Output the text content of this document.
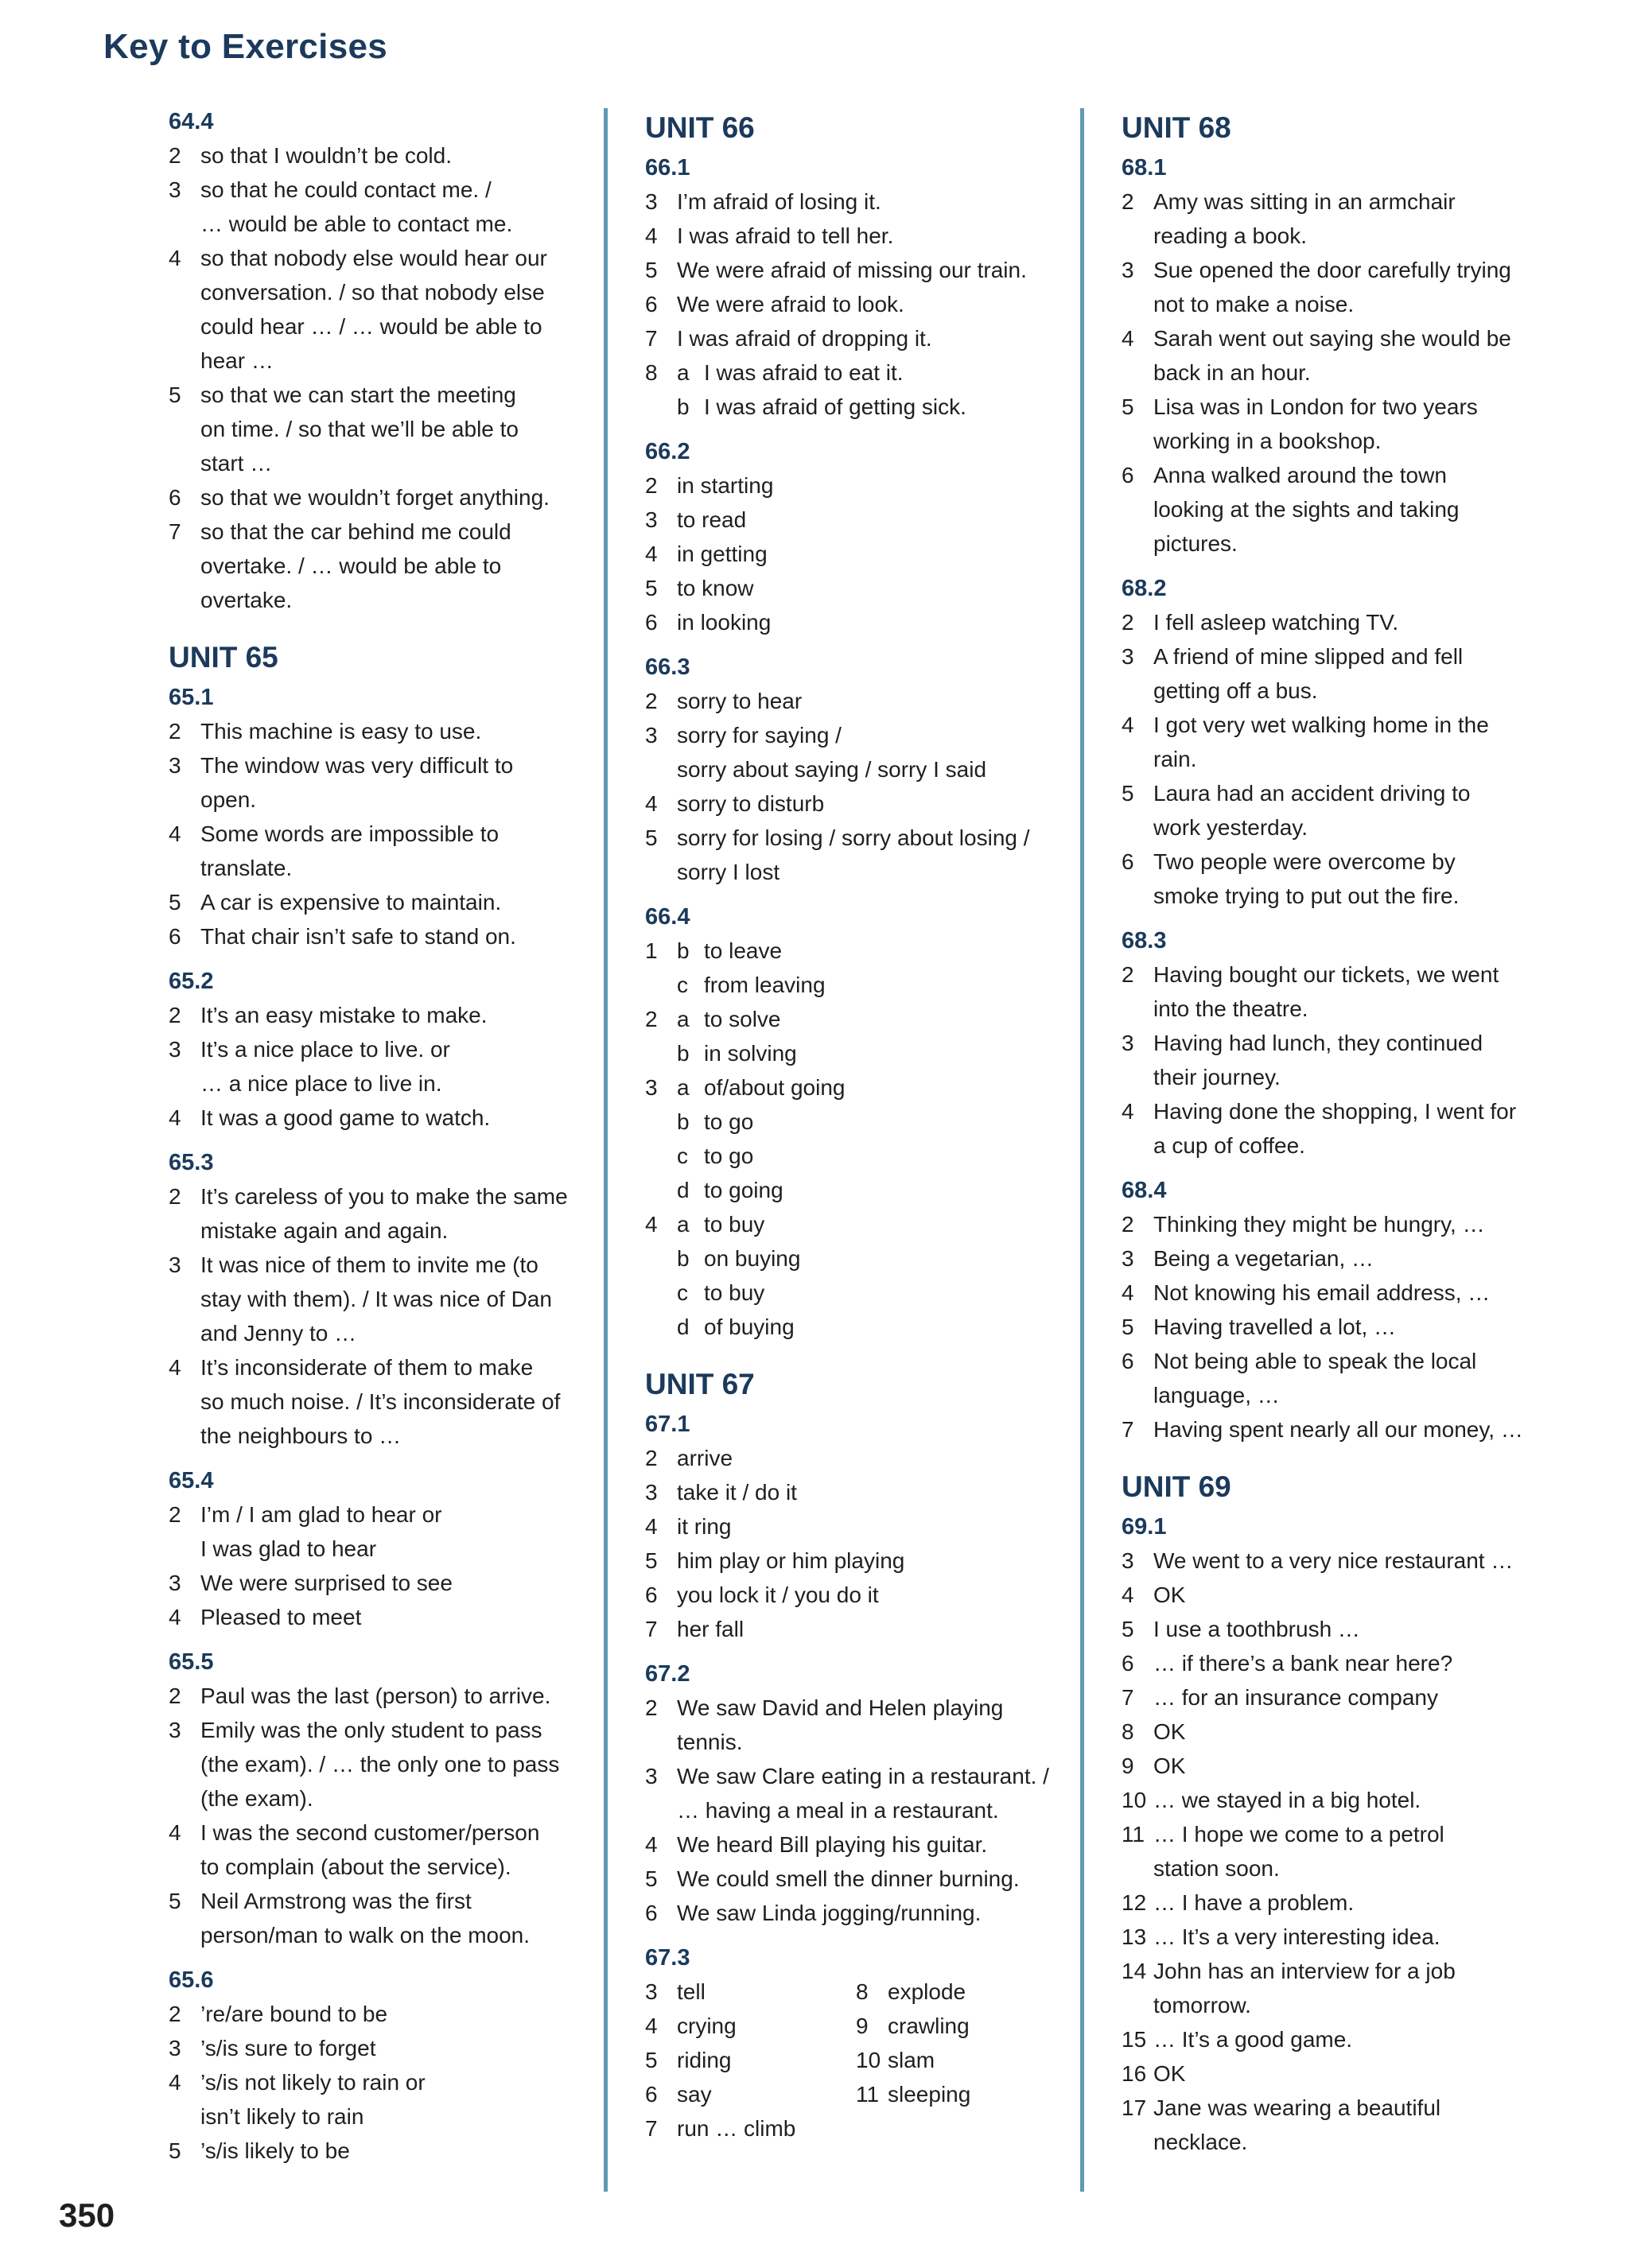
Key to Exercises
64.4
2 so that I wouldn’t be cold.
3 so that he could contact me. /
… would be able to contact me.
4 so that nobody else would hear our
conversation. / so that nobody else
could hear … / … would be able to
hear …
5 so that we can start the meeting
on time. / so that we’ll be able to
start …
6 so that we wouldn’t forget anything.
7 so that the car behind me could
overtake. / … would be able to
overtake.
UNIT 65
65.1
2 This machine is easy to use.
3 The window was very difficult to
open.
4 Some words are impossible to
translate.
5 A car is expensive to maintain.
6 That chair isn’t safe to stand on.
65.2
2 It’s an easy mistake to make.
3 It’s a nice place to live. or
… a nice place to live in.
4 It was a good game to watch.
65.3
2 It’s careless of you to make the same
mistake again and again.
3 It was nice of them to invite me (to
stay with them). / It was nice of Dan
and Jenny to …
4 It’s inconsiderate of them to make
so much noise. / It’s inconsiderate of
the neighbours to …
65.4
2 I’m / I am glad to hear or
I was glad to hear
3 We were surprised to see
4 Pleased to meet
65.5
2 Paul was the last (person) to arrive.
3 Emily was the only student to pass
(the exam). / … the only one to pass
(the exam).
4 I was the second customer/person
to complain (about the service).
5 Neil Armstrong was the first
person/man to walk on the moon.
65.6
2 ’re/are bound to be
3 ’s/is sure to forget
4 ’s/is not likely to rain or
isn’t likely to rain
5 ’s/is likely to be
UNIT 66
66.1
3 I’m afraid of losing it.
4 I was afraid to tell her.
5 We were afraid of missing our train.
6 We were afraid to look.
7 I was afraid of dropping it.
8 a I was afraid to eat it.
b I was afraid of getting sick.
66.2
2 in starting
3 to read
4 in getting
5 to know
6 in looking
66.3
2 sorry to hear
3 sorry for saying /
sorry about saying / sorry I said
4 sorry to disturb
5 sorry for losing / sorry about losing /
sorry I lost
66.4
1 b to leave
c from leaving
2 a to solve
b in solving
3 a of/about going
b to go
c to go
d to going
4 a to buy
b on buying
c to buy
d of buying
UNIT 67
67.1
2 arrive
3 take it / do it
4 it ring
5 him play or him playing
6 you lock it / you do it
7 her fall
67.2
2 We saw David and Helen playing
tennis.
3 We saw Clare eating in a restaurant. /
… having a meal in a restaurant.
4 We heard Bill playing his guitar.
5 We could smell the dinner burning.
6 We saw Linda jogging/running.
67.3
3 tell
4 crying
5 riding
6 say
7 run … climb
8 explode
9 crawling
10 slam
11 sleeping
UNIT 68
68.1
2 Amy was sitting in an armchair
reading a book.
3 Sue opened the door carefully trying
not to make a noise.
4 Sarah went out saying she would be
back in an hour.
5 Lisa was in London for two years
working in a bookshop.
6 Anna walked around the town
looking at the sights and taking
pictures.
68.2
2 I fell asleep watching TV.
3 A friend of mine slipped and fell
getting off a bus.
4 I got very wet walking home in the
rain.
5 Laura had an accident driving to
work yesterday.
6 Two people were overcome by
smoke trying to put out the fire.
68.3
2 Having bought our tickets, we went
into the theatre.
3 Having had lunch, they continued
their journey.
4 Having done the shopping, I went for
a cup of coffee.
68.4
2 Thinking they might be hungry, …
3 Being a vegetarian, …
4 Not knowing his email address, …
5 Having travelled a lot, …
6 Not being able to speak the local
language, …
7 Having spent nearly all our money, …
UNIT 69
69.1
3 We went to a very nice restaurant …
4 OK
5 I use a toothbrush …
6 … if there’s a bank near here?
7 … for an insurance company
8 OK
9 OK
10 … we stayed in a big hotel.
11 … I hope we come to a petrol
station soon.
12 … I have a problem.
13 … It’s a very interesting idea.
14 John has an interview for a job
tomorrow.
15 … It’s a good game.
16 OK
17 Jane was wearing a beautiful
necklace.
350
